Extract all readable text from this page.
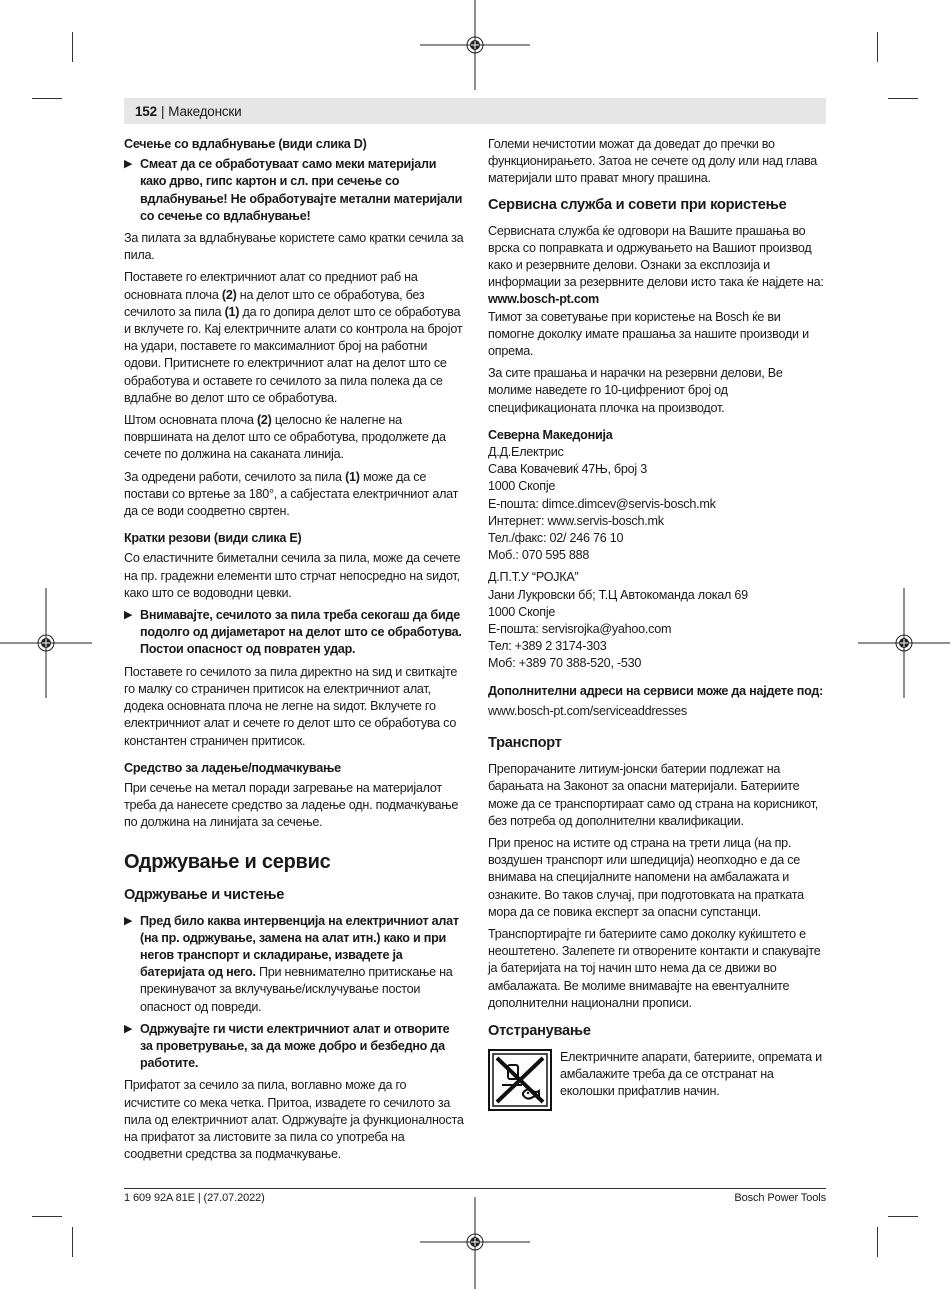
152 | Македонски
Сечење со вдлабнување (види слика D)
▶ Смеат да се обработуваат само меки материјали како дрво, гипс картон и сл. при сечење со вдлабнување! Не обработувајте метални материјали со сечење со вдлабнување!

За пилата за вдлабнување користете само кратки сечила за пила.

Поставете го електричниот алат со предниот раб на основната плоча (2) на делот што се обработува, без сечилото за пила (1) да го допира делот што се обработува и вклучете го. Кај електричните алати со контрола на бројот на удари, поставете го максималниот број на работни одови. Притиснете го електричниот алат на делот што се обработува и оставете го сечилото за пила полека да се вдлабне во делот што се обработува.

Штом основната плоча (2) целосно ќе налегне на површината на делот што се обработува, продолжете да сечете по должина на саканата линија.

За одредени работи, сечилото за пила (1) може да се постави со вртење за 180°, а сабјестата електричниот алат да се води соодветно свртен.

Кратки резови (види слика E)

Со еластичните биметални сечила за пила, може да сечете на пр. градежни елементи што стрчат непосредно на sидот, како што се водоводни цевки.

▶ Внимавајте, сечилото за пила треба секогаш да биде подолго од дијаметарот на делот што се обработува. Постои опасност од повратен удар.

Поставете го сечилото за пила директно на sид и свиткајте го малку со страничен притисок на електричниот алат, додека основната плоча не легне на sидот. Вклучете го електричниот алат и сечете го делот што се обработува со константен страничен притисок.

Средство за ладење/подмачкување

При сечење на метал поради загревање на материјалот треба да нанесете средство за ладење одн. подмачкување по должина на линијата за сечење.

Одржување и сервис
Одржување и чистење
▶ Пред било каква интервенција на електричниот алат (на пр. одржување, замена на алат итн.) како и при негов транспорт и складирање, извадете ја батеријата од него. При невнимателно притискање на прекинувачот за вклучување/исклучување постои опасност од повреди.
▶ Одржувајте ги чисти електричниот алат и отворите за проветрување, за да може добро и безбедно да работите.

Прифатот за сечило за пила, воглавно може да го исчистите со мека четка. Притоа, извадете го сечилото за пила од електричниот алат. Одржувајте ја функционалноста на прифатот за листовите за пила со употреба на соодветни средства за подмачкување.

Големи нечистотии можат да доведат до пречки во функционирањето. Затоа не сечете од долу или над глава материјали што прават многу прашина.

Сервисна служба и совети при користење

Сервисната служба ќе одговори на Вашите прашања во врска со поправката и одржувањето на Вашиот производ како и резервните делови. Ознаки за експлозија и информации за резервните делови исто така ќе најдете на: www.bosch-pt.com

Тимот за советување при користење на Bosch ќе ви помогне доколку имате прашања за нашите производи и опрема.

За сите прашања и нарачки на резервни делови, Ве молиме наведете го 10-цифрениот број од спецификационата плочка на производот.

Северна Македонија
Д.Д.Електрис
Сава Ковачевиќ 47Њ, број 3
1000 Скопје
Е-пошта: dimce.dimcev@servis-bosch.mk
Интернет: www.servis-bosch.mk
Тел./факс: 02/ 246 76 10
Моб.: 070 595 888
Д.П.Т.У “РОЈКА”
Јани Лукровски бб; Т.Ц Автокоманда локал 69
1000 Скопје
Е-пошта: servisrojka@yahoo.com
Тел: +389 2 3174-303
Моб: +389 70 388-520, -530
Дополнителни адреси на сервиси може да најдете под:

www.bosch-pt.com/serviceaddresses

Транспорт

Препорачаните литиум-јонски батерии подлежат на барањата на Законот за опасни материјали. Батериите може да се транспортираат само од страна на корисникот, без потреба од дополнителни квалификации.

При пренос на истите од страна на трети лица (на пр. воздушен транспорт или шпедиција) неопходно е да се внимава на специјалните напомени на амбалажата и ознаките. Во таков случај, при подготовката на пратката мора да се повика експерт за опасни супстанци.

Транспортирајте ги батериите само доколку куќиштето е неоштетено. Залепете ги отворените контакти и спакувајте ја батеријата на тој начин што нема да се движи во амбалажата. Ве молиме внимавајте на евентуалните дополнителни национални прописи.

Отстранување
Електричните апарати, батериите, опремата и амбалажите треба да се отстранат на еколошки прифатлив начин.
1 609 92A 81E | (27.07.2022)	Bosch Power Tools
